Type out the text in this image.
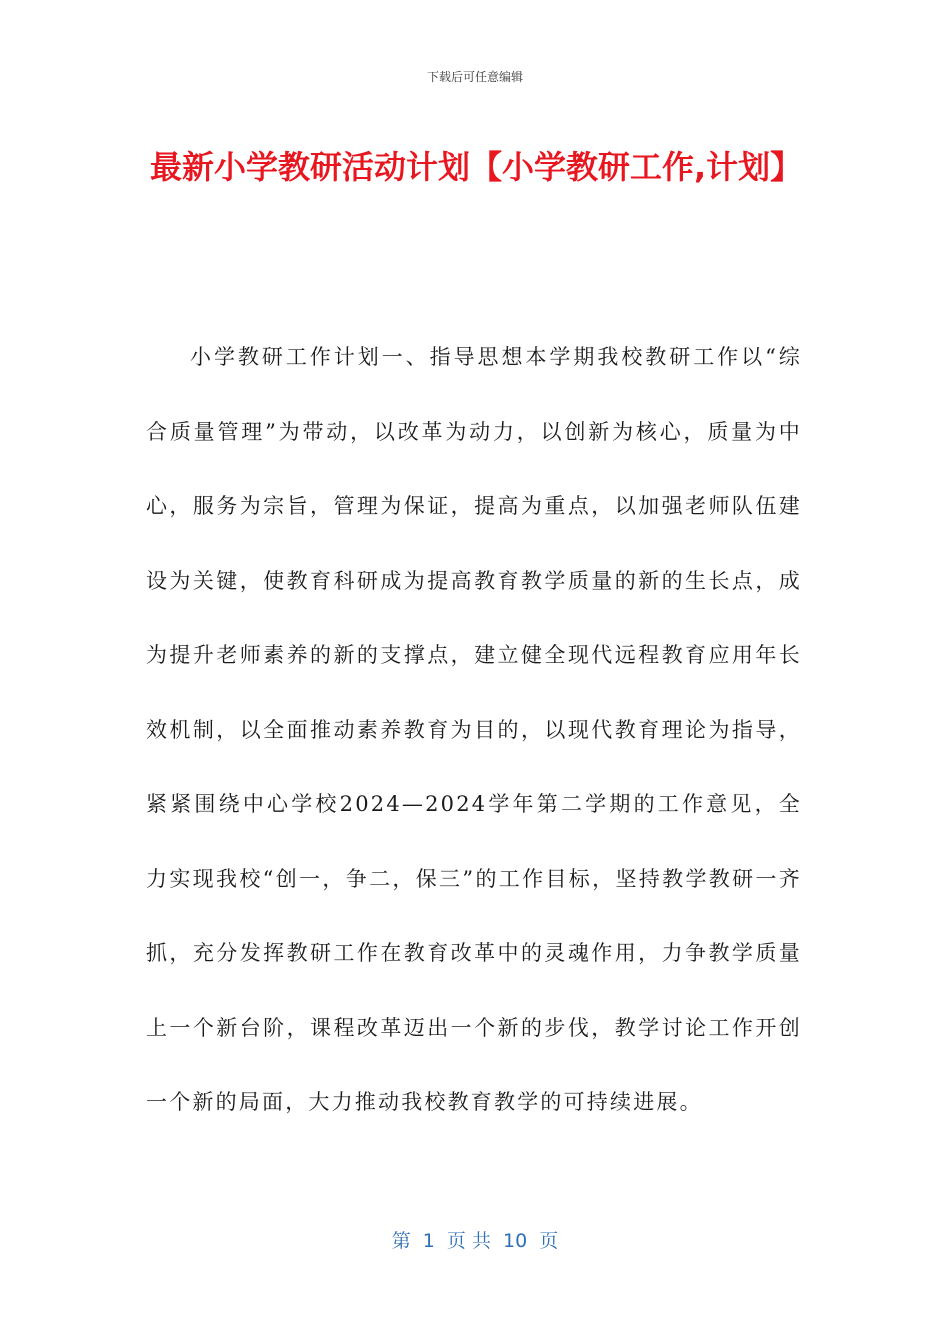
下载后可任意编辑
最新小学教研活动计划【小学教研工作,计划】

小学教研工作计划一、指导思想本学期我校教研工作以“综合质量管理”为带动，以改革为动力，以创新为核心，质量为中心，服务为宗旨，管理为保证，提高为重点，以加强老师队伍建设为关键，使教育科研成为提高教育教学质量的新的生长点，成为提升老师素养的新的支撑点，建立健全现代远程教育应用年长效机制，以全面推动素养教育为目的，以现代教育理论为指导，紧紧围绕中心学校2024—2024学年第二学期的工作意见，全力实现我校“创一，争二，保三”的工作目标，坚持教学教研一齐抓，充分发挥教研工作在教育改革中的灵魂作用，力争教学质量上一个新台阶，课程改革迈出一个新的步伐，教学讨论工作开创一个新的局面，大力推动我校教育教学的可持续进展。

第  1  页 共  10  页
